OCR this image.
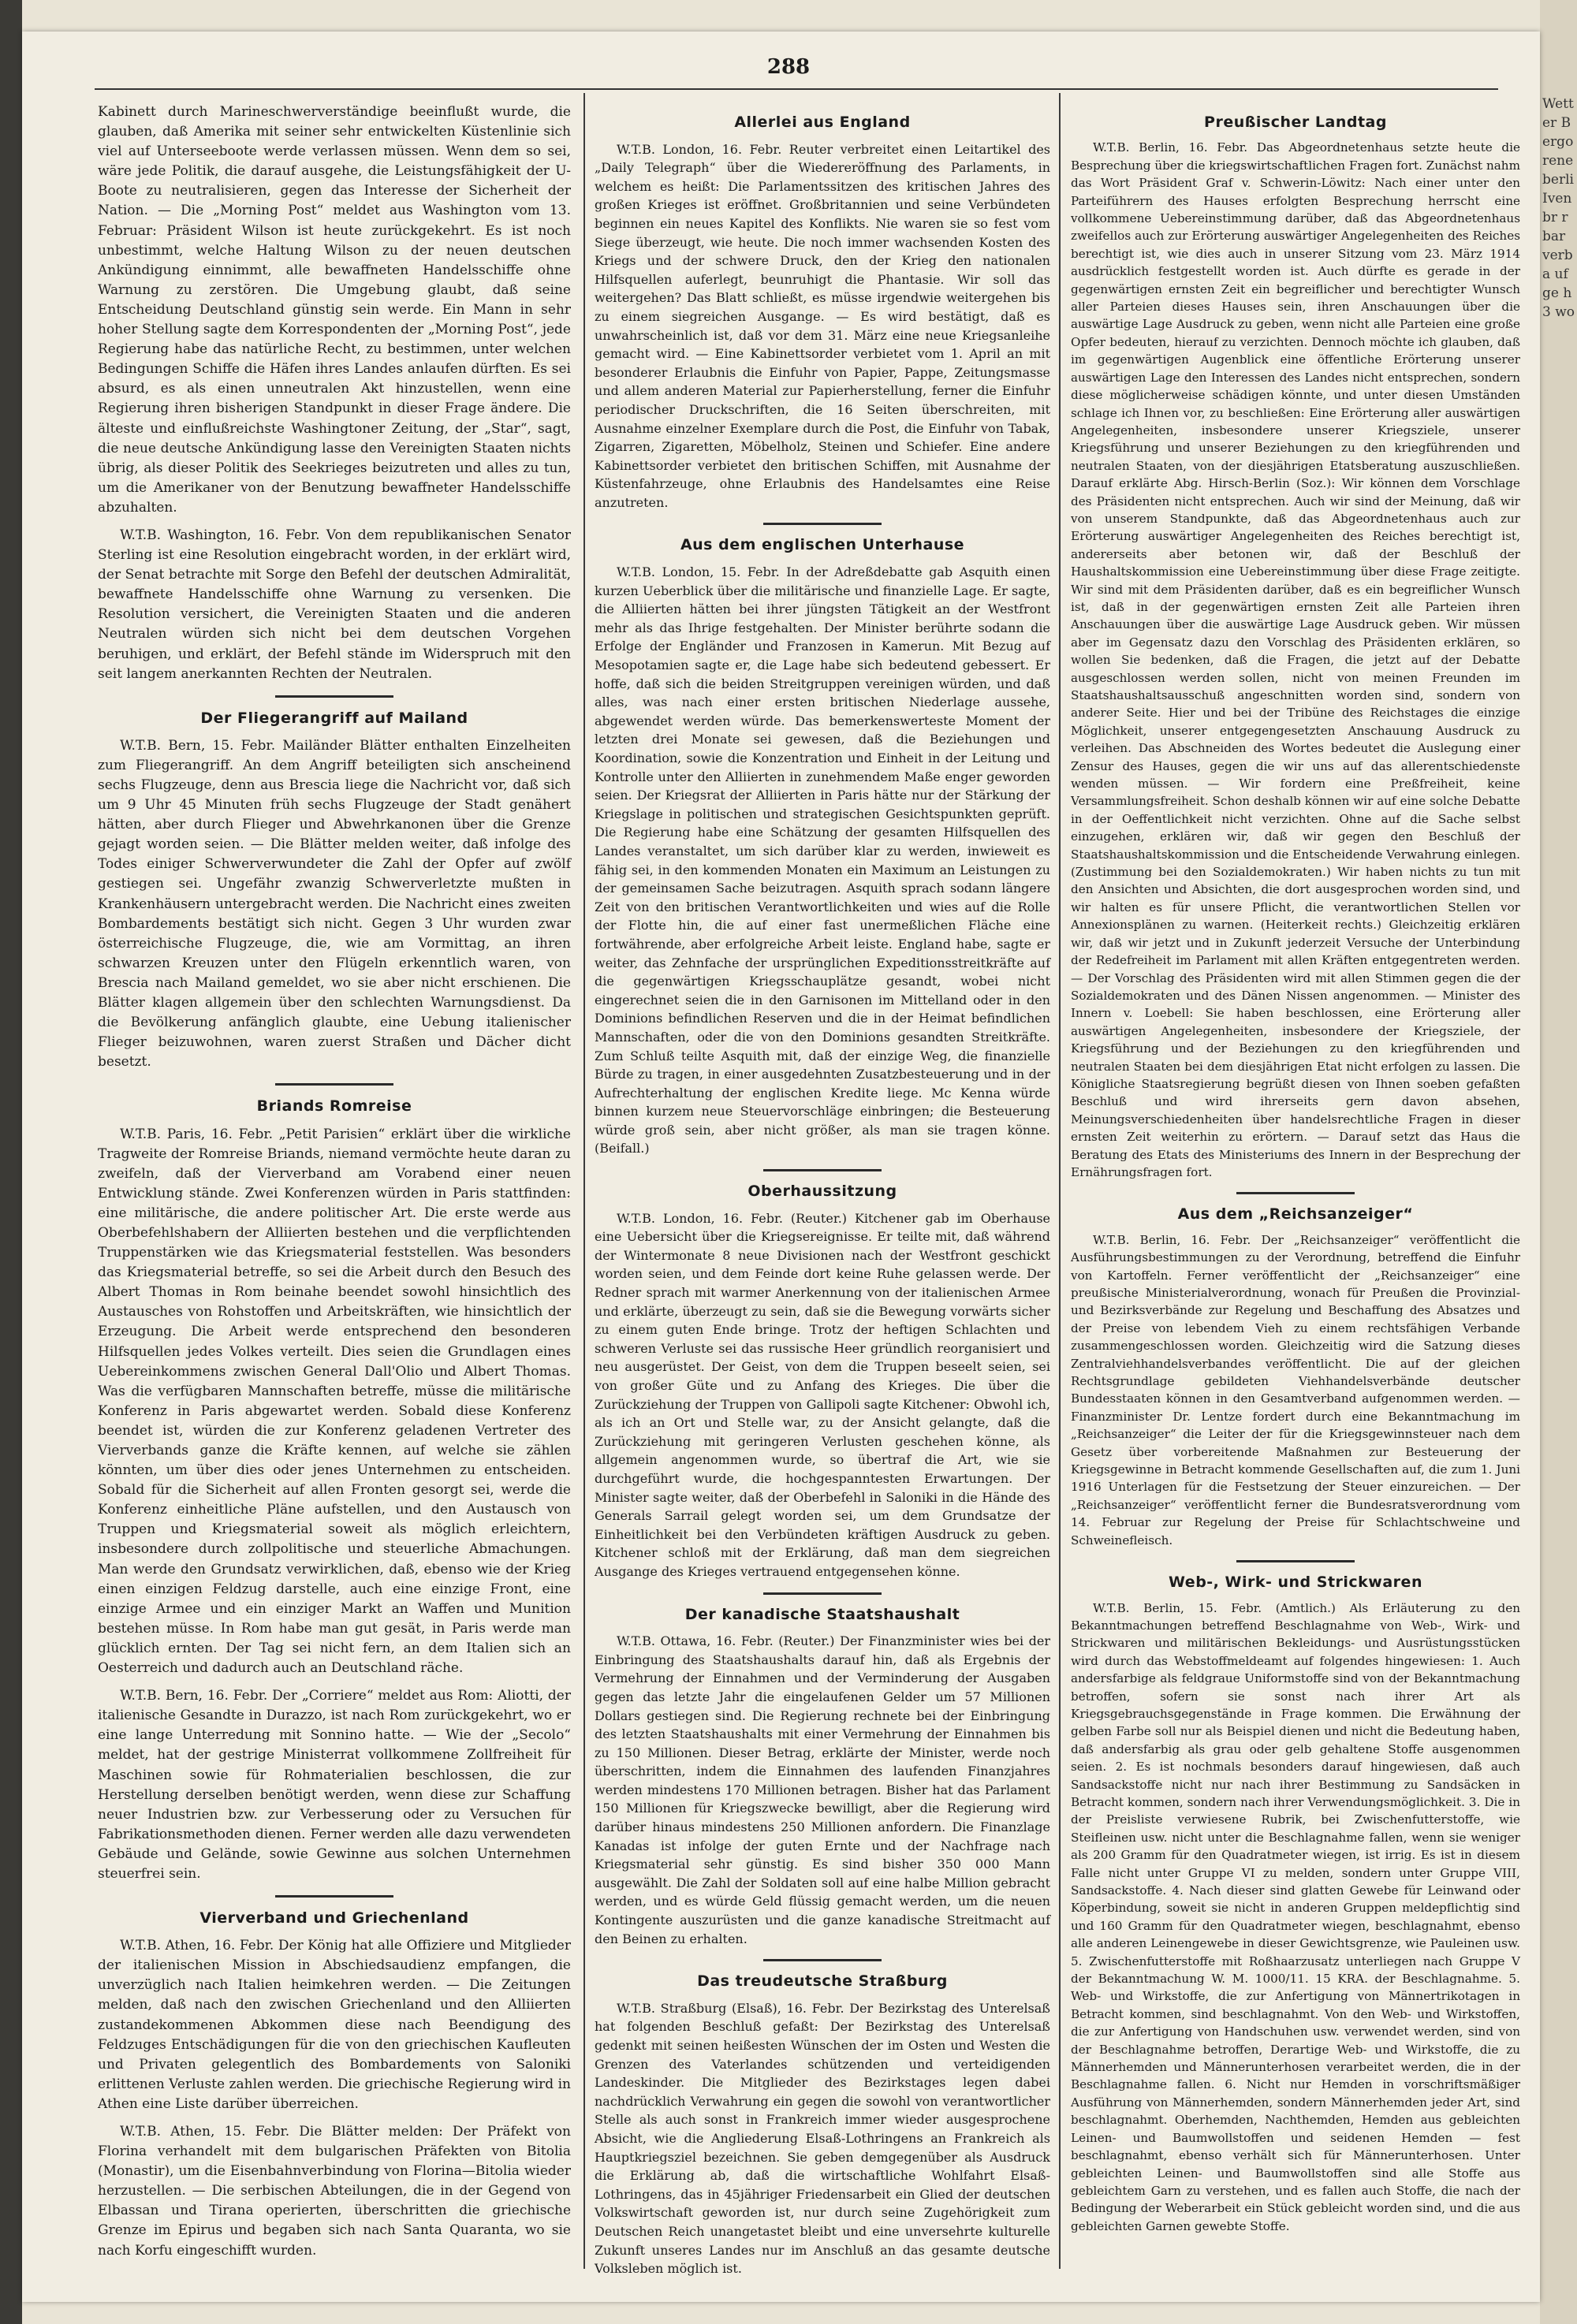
Wetter Bergo rene berli Ivenbr rbar verba ufge h 3 wo
288

Kabinett durch Marineschwerverständige beeinflußt wurde, die glauben, daß Amerika mit seiner sehr entwickelten Küstenlinie sich viel auf Unterseeboote werde verlassen müssen. Wenn dem so sei, wäre jede Politik, die darauf ausgehe, die Leistungsfähigkeit der U-Boote zu neutralisieren, gegen das Interesse der Sicherheit der Nation. — Die „Morning Post“ meldet aus Washington vom 13. Februar: Präsident Wilson ist heute zurückgekehrt. Es ist noch unbestimmt, welche Haltung Wilson zu der neuen deutschen Ankündigung einnimmt, alle bewaffneten Handelsschiffe ohne Warnung zu zerstören. Die Umgebung glaubt, daß seine Entscheidung Deutschland günstig sein werde. Ein Mann in sehr hoher Stellung sagte dem Korrespondenten der „Morning Post“, jede Regierung habe das natürliche Recht, zu bestimmen, unter welchen Bedingungen Schiffe die Häfen ihres Landes anlaufen dürften. Es sei absurd, es als einen unneutralen Akt hinzustellen, wenn eine Regierung ihren bisherigen Standpunkt in dieser Frage ändere. Die älteste und einflußreichste Washingtoner Zeitung, der „Star“, sagt, die neue deutsche Ankündigung lasse den Vereinigten Staaten nichts übrig, als dieser Politik des Seekrieges beizutreten und alles zu tun, um die Amerikaner von der Benutzung bewaffneter Handelsschiffe abzuhalten.

W.T.B. Washington, 16. Febr. Von dem republikanischen Senator Sterling ist eine Resolution eingebracht worden, in der erklärt wird, der Senat betrachte mit Sorge den Befehl der deutschen Admiralität, bewaffnete Handelsschiffe ohne Warnung zu versenken. Die Resolution versichert, die Vereinigten Staaten und die anderen Neutralen würden sich nicht bei dem deutschen Vorgehen beruhigen, und erklärt, der Befehl stände im Widerspruch mit den seit langem anerkannten Rechten der Neutralen.

Der Fliegerangriff auf Mailand

W.T.B. Bern, 15. Febr. Mailänder Blätter enthalten Einzelheiten zum Fliegerangriff. An dem Angriff beteiligten sich anscheinend sechs Flugzeuge, denn aus Brescia liege die Nachricht vor, daß sich um 9 Uhr 45 Minuten früh sechs Flugzeuge der Stadt genähert hätten, aber durch Flieger und Abwehrkanonen über die Grenze gejagt worden seien. — Die Blätter melden weiter, daß infolge des Todes einiger Schwerverwundeter die Zahl der Opfer auf zwölf gestiegen sei. Ungefähr zwanzig Schwerverletzte mußten in Krankenhäusern untergebracht werden. Die Nachricht eines zweiten Bombardements bestätigt sich nicht. Gegen 3 Uhr wurden zwar österreichische Flugzeuge, die, wie am Vormittag, an ihren schwarzen Kreuzen unter den Flügeln erkenntlich waren, von Brescia nach Mailand gemeldet, wo sie aber nicht erschienen. Die Blätter klagen allgemein über den schlechten Warnungsdienst. Da die Bevölkerung anfänglich glaubte, eine Uebung italienischer Flieger beizuwohnen, waren zuerst Straßen und Dächer dicht besetzt.

Briands Romreise

W.T.B. Paris, 16. Febr. „Petit Parisien“ erklärt über die wirkliche Tragweite der Romreise Briands, niemand vermöchte heute daran zu zweifeln, daß der Vierverband am Vorabend einer neuen Entwicklung stände. Zwei Konferenzen würden in Paris stattfinden: eine militärische, die andere politischer Art. Die erste werde aus Oberbefehlshabern der Alliierten bestehen und die verpflichtenden Truppenstärken wie das Kriegsmaterial feststellen. Was besonders das Kriegsmaterial betreffe, so sei die Arbeit durch den Besuch des Albert Thomas in Rom beinahe beendet sowohl hinsichtlich des Austausches von Rohstoffen und Arbeitskräften, wie hinsichtlich der Erzeugung. Die Arbeit werde entsprechend den besonderen Hilfsquellen jedes Volkes verteilt. Dies seien die Grundlagen eines Uebereinkommens zwischen General Dall'Olio und Albert Thomas. Was die verfügbaren Mannschaften betreffe, müsse die militärische Konferenz in Paris abgewartet werden. Sobald diese Konferenz beendet ist, würden die zur Konferenz geladenen Vertreter des Vierverbands ganze die Kräfte kennen, auf welche sie zählen könnten, um über dies oder jenes Unternehmen zu entscheiden. Sobald für die Sicherheit auf allen Fronten gesorgt sei, werde die Konferenz einheitliche Pläne aufstellen, und den Austausch von Truppen und Kriegsmaterial soweit als möglich erleichtern, insbesondere durch zollpolitische und steuerliche Abmachungen. Man werde den Grundsatz verwirklichen, daß, ebenso wie der Krieg einen einzigen Feldzug darstelle, auch eine einzige Front, eine einzige Armee und ein einziger Markt an Waffen und Munition bestehen müsse. In Rom habe man gut gesät, in Paris werde man glücklich ernten. Der Tag sei nicht fern, an dem Italien sich an Oesterreich und dadurch auch an Deutschland räche.

W.T.B. Bern, 16. Febr. Der „Corriere“ meldet aus Rom: Aliotti, der italienische Gesandte in Durazzo, ist nach Rom zurückgekehrt, wo er eine lange Unterredung mit Sonnino hatte. — Wie der „Secolo“ meldet, hat der gestrige Ministerrat vollkommene Zollfreiheit für Maschinen sowie für Rohmaterialien beschlossen, die zur Herstellung derselben benötigt werden, wenn diese zur Schaffung neuer Industrien bzw. zur Verbesserung oder zu Versuchen für Fabrikationsmethoden dienen. Ferner werden alle dazu verwendeten Gebäude und Gelände, sowie Gewinne aus solchen Unternehmen steuerfrei sein.

Vierverband und Griechenland

W.T.B. Athen, 16. Febr. Der König hat alle Offiziere und Mitglieder der italienischen Mission in Abschiedsaudienz empfangen, die unverzüglich nach Italien heimkehren werden. — Die Zeitungen melden, daß nach den zwischen Griechenland und den Alliierten zustandekommenen Abkommen diese nach Beendigung des Feldzuges Entschädigungen für die von den griechischen Kaufleuten und Privaten gelegentlich des Bombardements von Saloniki erlittenen Verluste zahlen werden. Die griechische Regierung wird in Athen eine Liste darüber überreichen.

W.T.B. Athen, 15. Febr. Die Blätter melden: Der Präfekt von Florina verhandelt mit dem bulgarischen Präfekten von Bitolia (Monastir), um die Eisenbahnverbindung von Florina—Bitolia wieder herzustellen. — Die serbischen Abteilungen, die in der Gegend von Elbassan und Tirana operierten, überschritten die griechische Grenze im Epirus und begaben sich nach Santa Quaranta, wo sie nach Korfu eingeschifft wurden.

Allerlei aus England

W.T.B. London, 16. Febr. Reuter verbreitet einen Leitartikel des „Daily Telegraph“ über die Wiedereröffnung des Parlaments, in welchem es heißt: Die Parlamentssitzen des kritischen Jahres des großen Krieges ist eröffnet. Großbritannien und seine Verbündeten beginnen ein neues Kapitel des Konflikts. Nie waren sie so fest vom Siege überzeugt, wie heute. Die noch immer wachsenden Kosten des Kriegs und der schwere Druck, den der Krieg den nationalen Hilfsquellen auferlegt, beunruhigt die Phantasie. Wir soll das weitergehen? Das Blatt schließt, es müsse irgendwie weitergehen bis zu einem siegreichen Ausgange. — Es wird bestätigt, daß es unwahrscheinlich ist, daß vor dem 31. März eine neue Kriegsanleihe gemacht wird. — Eine Kabinettsorder verbietet vom 1. April an mit besonderer Erlaubnis die Einfuhr von Papier, Pappe, Zeitungsmasse und allem anderen Material zur Papierherstellung, ferner die Einfuhr periodischer Druckschriften, die 16 Seiten überschreiten, mit Ausnahme einzelner Exemplare durch die Post, die Einfuhr von Tabak, Zigarren, Zigaretten, Möbelholz, Steinen und Schiefer. Eine andere Kabinettsorder verbietet den britischen Schiffen, mit Ausnahme der Küstenfahrzeuge, ohne Erlaubnis des Handelsamtes eine Reise anzutreten.

Aus dem englischen Unterhause

W.T.B. London, 15. Febr. In der Adreßdebatte gab Asquith einen kurzen Ueberblick über die militärische und finanzielle Lage. Er sagte, die Alliierten hätten bei ihrer jüngsten Tätigkeit an der Westfront mehr als das Ihrige festgehalten. Der Minister berührte sodann die Erfolge der Engländer und Franzosen in Kamerun. Mit Bezug auf Mesopotamien sagte er, die Lage habe sich bedeutend gebessert. Er hoffe, daß sich die beiden Streitgruppen vereinigen würden, und daß alles, was nach einer ersten britischen Niederlage aussehe, abgewendet werden würde. Das bemerkenswerteste Moment der letzten drei Monate sei gewesen, daß die Beziehungen und Koordination, sowie die Konzentration und Einheit in der Leitung und Kontrolle unter den Alliierten in zunehmendem Maße enger geworden seien. Der Kriegsrat der Alliierten in Paris hätte nur der Stärkung der Kriegslage in politischen und strategischen Gesichtspunkten geprüft. Die Regierung habe eine Schätzung der gesamten Hilfsquellen des Landes veranstaltet, um sich darüber klar zu werden, inwieweit es fähig sei, in den kommenden Monaten ein Maximum an Leistungen zu der gemeinsamen Sache beizutragen. Asquith sprach sodann längere Zeit von den britischen Verantwortlichkeiten und wies auf die Rolle der Flotte hin, die auf einer fast unermeßlichen Fläche eine fortwährende, aber erfolgreiche Arbeit leiste. England habe, sagte er weiter, das Zehnfache der ursprünglichen Expeditionsstreitkräfte auf die gegenwärtigen Kriegsschauplätze gesandt, wobei nicht eingerechnet seien die in den Garnisonen im Mittelland oder in den Dominions befindlichen Reserven und die in der Heimat befindlichen Mannschaften, oder die von den Dominions gesandten Streitkräfte. Zum Schluß teilte Asquith mit, daß der einzige Weg, die finanzielle Bürde zu tragen, in einer ausgedehnten Zusatzbesteuerung und in der Aufrechterhaltung der englischen Kredite liege. Mc Kenna würde binnen kurzem neue Steuervorschläge einbringen; die Besteuerung würde groß sein, aber nicht größer, als man sie tragen könne. (Beifall.)

Oberhaussitzung

W.T.B. London, 16. Febr. (Reuter.) Kitchener gab im Oberhause eine Uebersicht über die Kriegsereignisse. Er teilte mit, daß während der Wintermonate 8 neue Divisionen nach der Westfront geschickt worden seien, und dem Feinde dort keine Ruhe gelassen werde. Der Redner sprach mit warmer Anerkennung von der italienischen Armee und erklärte, überzeugt zu sein, daß sie die Bewegung vorwärts sicher zu einem guten Ende bringe. Trotz der heftigen Schlachten und schweren Verluste sei das russische Heer gründlich reorganisiert und neu ausgerüstet. Der Geist, von dem die Truppen beseelt seien, sei von großer Güte und zu Anfang des Krieges. Die über die Zurückziehung der Truppen von Gallipoli sagte Kitchener: Obwohl ich, als ich an Ort und Stelle war, zu der Ansicht gelangte, daß die Zurückziehung mit geringeren Verlusten geschehen könne, als allgemein angenommen wurde, so übertraf die Art, wie sie durchgeführt wurde, die hochgespanntesten Erwartungen. Der Minister sagte weiter, daß der Oberbefehl in Saloniki in die Hände des Generals Sarrail gelegt worden sei, um dem Grundsatze der Einheitlichkeit bei den Verbündeten kräftigen Ausdruck zu geben. Kitchener schloß mit der Erklärung, daß man dem siegreichen Ausgange des Krieges vertrauend entgegensehen könne.

Der kanadische Staatshaushalt

W.T.B. Ottawa, 16. Febr. (Reuter.) Der Finanzminister wies bei der Einbringung des Staatshaushalts darauf hin, daß als Ergebnis der Vermehrung der Einnahmen und der Verminderung der Ausgaben gegen das letzte Jahr die eingelaufenen Gelder um 57 Millionen Dollars gestiegen sind. Die Regierung rechnete bei der Einbringung des letzten Staatshaushalts mit einer Vermehrung der Einnahmen bis zu 150 Millionen. Dieser Betrag, erklärte der Minister, werde noch überschritten, indem die Einnahmen des laufenden Finanzjahres werden mindestens 170 Millionen betragen. Bisher hat das Parlament 150 Millionen für Kriegszwecke bewilligt, aber die Regierung wird darüber hinaus mindestens 250 Millionen anfordern. Die Finanzlage Kanadas ist infolge der guten Ernte und der Nachfrage nach Kriegsmaterial sehr günstig. Es sind bisher 350 000 Mann ausgewählt. Die Zahl der Soldaten soll auf eine halbe Million gebracht werden, und es würde Geld flüssig gemacht werden, um die neuen Kontingente auszurüsten und die ganze kanadische Streitmacht auf den Beinen zu erhalten.

Das treudeutsche Straßburg

W.T.B. Straßburg (Elsaß), 16. Febr. Der Bezirkstag des Unterelsaß hat folgenden Beschluß gefaßt: Der Bezirkstag des Unterelsaß gedenkt mit seinen heißesten Wünschen der im Osten und Westen die Grenzen des Vaterlandes schützenden und verteidigenden Landeskinder. Die Mitglieder des Bezirkstages legen dabei nachdrücklich Verwahrung ein gegen die sowohl von verantwortlicher Stelle als auch sonst in Frankreich immer wieder ausgesprochene Absicht, wie die Angliederung Elsaß-Lothringens an Frankreich als Hauptkriegsziel bezeichnen. Sie geben demgegenüber als Ausdruck die Erklärung ab, daß die wirtschaftliche Wohlfahrt Elsaß-Lothringens, das in 45jähriger Friedensarbeit ein Glied der deutschen Volkswirtschaft geworden ist, nur durch seine Zugehörigkeit zum Deutschen Reich unangetastet bleibt und eine unversehrte kulturelle Zukunft unseres Landes nur im Anschluß an das gesamte deutsche Volksleben möglich ist.

Preußischer Landtag

W.T.B. Berlin, 16. Febr. Das Abgeordnetenhaus setzte heute die Besprechung über die kriegswirtschaftlichen Fragen fort. Zunächst nahm das Wort Präsident Graf v. Schwerin-Löwitz: Nach einer unter den Parteiführern des Hauses erfolgten Besprechung herrscht eine vollkommene Uebereinstimmung darüber, daß das Abgeordnetenhaus zweifellos auch zur Erörterung auswärtiger Angelegenheiten des Reiches berechtigt ist, wie dies auch in unserer Sitzung vom 23. März 1914 ausdrücklich festgestellt worden ist. Auch dürfte es gerade in der gegenwärtigen ernsten Zeit ein begreiflicher und berechtigter Wunsch aller Parteien dieses Hauses sein, ihren Anschauungen über die auswärtige Lage Ausdruck zu geben, wenn nicht alle Parteien eine große Opfer bedeuten, hierauf zu verzichten. Dennoch möchte ich glauben, daß im gegenwärtigen Augenblick eine öffentliche Erörterung unserer auswärtigen Lage den Interessen des Landes nicht entsprechen, sondern diese möglicherweise schädigen könnte, und unter diesen Umständen schlage ich Ihnen vor, zu beschließen: Eine Erörterung aller auswärtigen Angelegenheiten, insbesondere unserer Kriegsziele, unserer Kriegsführung und unserer Beziehungen zu den kriegführenden und neutralen Staaten, von der diesjährigen Etatsberatung auszuschließen. Darauf erklärte Abg. Hirsch-Berlin (Soz.): Wir können dem Vorschlage des Präsidenten nicht entsprechen. Auch wir sind der Meinung, daß wir von unserem Standpunkte, daß das Abgeordnetenhaus auch zur Erörterung auswärtiger Angelegenheiten des Reiches berechtigt ist, andererseits aber betonen wir, daß der Beschluß der Haushaltskommission eine Uebereinstimmung über diese Frage zeitigte. Wir sind mit dem Präsidenten darüber, daß es ein begreiflicher Wunsch ist, daß in der gegenwärtigen ernsten Zeit alle Parteien ihren Anschauungen über die auswärtige Lage Ausdruck geben. Wir müssen aber im Gegensatz dazu den Vorschlag des Präsidenten erklären, so wollen Sie bedenken, daß die Fragen, die jetzt auf der Debatte ausgeschlossen werden sollen, nicht von meinen Freunden im Staatshaushaltsausschuß angeschnitten worden sind, sondern von anderer Seite. Hier und bei der Tribüne des Reichstages die einzige Möglichkeit, unserer entgegengesetzten Anschauung Ausdruck zu verleihen. Das Abschneiden des Wortes bedeutet die Auslegung einer Zensur des Hauses, gegen die wir uns auf das allerentschiedenste wenden müssen. — Wir fordern eine Preßfreiheit, keine Versammlungsfreiheit. Schon deshalb können wir auf eine solche Debatte in der Oeffentlichkeit nicht verzichten. Ohne auf die Sache selbst einzugehen, erklären wir, daß wir gegen den Beschluß der Staatshaushaltskommission und die Entscheidende Verwahrung einlegen. (Zustimmung bei den Sozialdemokraten.) Wir haben nichts zu tun mit den Ansichten und Absichten, die dort ausgesprochen worden sind, und wir halten es für unsere Pflicht, die verantwortlichen Stellen vor Annexionsplänen zu warnen. (Heiterkeit rechts.) Gleichzeitig erklären wir, daß wir jetzt und in Zukunft jederzeit Versuche der Unterbindung der Redefreiheit im Parlament mit allen Kräften entgegentreten werden. — Der Vorschlag des Präsidenten wird mit allen Stimmen gegen die der Sozialdemokraten und des Dänen Nissen angenommen. — Minister des Innern v. Loebell: Sie haben beschlossen, eine Erörterung aller auswärtigen Angelegenheiten, insbesondere der Kriegsziele, der Kriegsführung und der Beziehungen zu den kriegführenden und neutralen Staaten bei dem diesjährigen Etat nicht erfolgen zu lassen. Die Königliche Staatsregierung begrüßt diesen von Ihnen soeben gefaßten Beschluß und wird ihrerseits gern davon absehen, Meinungsverschiedenheiten über handelsrechtliche Fragen in dieser ernsten Zeit weiterhin zu erörtern. — Darauf setzt das Haus die Beratung des Etats des Ministeriums des Innern in der Besprechung der Ernährungsfragen fort.

Aus dem „Reichsanzeiger“

W.T.B. Berlin, 16. Febr. Der „Reichsanzeiger“ veröffentlicht die Ausführungsbestimmungen zu der Verordnung, betreffend die Einfuhr von Kartoffeln. Ferner veröffentlicht der „Reichsanzeiger“ eine preußische Ministerialverordnung, wonach für Preußen die Provinzial- und Bezirksverbände zur Regelung und Beschaffung des Absatzes und der Preise von lebendem Vieh zu einem rechtsfähigen Verbande zusammengeschlossen worden. Gleichzeitig wird die Satzung dieses Zentralviehhandelsverbandes veröffentlicht. Die auf der gleichen Rechtsgrundlage gebildeten Viehhandelsverbände deutscher Bundesstaaten können in den Gesamtverband aufgenommen werden. — Finanzminister Dr. Lentze fordert durch eine Bekanntmachung im „Reichsanzeiger“ die Leiter der für die Kriegsgewinnsteuer nach dem Gesetz über vorbereitende Maßnahmen zur Besteuerung der Kriegsgewinne in Betracht kommende Gesellschaften auf, die zum 1. Juni 1916 Unterlagen für die Festsetzung der Steuer einzureichen. — Der „Reichsanzeiger“ veröffentlicht ferner die Bundesratsverordnung vom 14. Februar zur Regelung der Preise für Schlachtschweine und Schweinefleisch.

Web-, Wirk- und Strickwaren

W.T.B. Berlin, 15. Febr. (Amtlich.) Als Erläuterung zu den Bekanntmachungen betreffend Beschlagnahme von Web-, Wirk- und Strickwaren und militärischen Bekleidungs- und Ausrüstungsstücken wird durch das Webstoffmeldeamt auf folgendes hingewiesen: 1. Auch andersfarbige als feldgraue Uniformstoffe sind von der Bekanntmachung betroffen, sofern sie sonst nach ihrer Art als Kriegsgebrauchsgegenstände in Frage kommen. Die Erwähnung der gelben Farbe soll nur als Beispiel dienen und nicht die Bedeutung haben, daß andersfarbig als grau oder gelb gehaltene Stoffe ausgenommen seien. 2. Es ist nochmals besonders darauf hingewiesen, daß auch Sandsackstoffe nicht nur nach ihrer Bestimmung zu Sandsäcken in Betracht kommen, sondern nach ihrer Verwendungsmöglichkeit. 3. Die in der Preisliste verwiesene Rubrik, bei Zwischenfutterstoffe, wie Steifleinen usw. nicht unter die Beschlagnahme fallen, wenn sie weniger als 200 Gramm für den Quadratmeter wiegen, ist irrig. Es ist in diesem Falle nicht unter Gruppe VI zu melden, sondern unter Gruppe VIII, Sandsackstoffe. 4. Nach dieser sind glatten Gewebe für Leinwand oder Köperbindung, soweit sie nicht in anderen Gruppen meldepflichtig sind und 160 Gramm für den Quadratmeter wiegen, beschlagnahmt, ebenso alle anderen Leinengewebe in dieser Gewichtsgrenze, wie Pauleinen usw. 5. Zwischenfutterstoffe mit Roßhaarzusatz unterliegen nach Gruppe V der Bekanntmachung W. M. 1000/11. 15 KRA. der Beschlagnahme. 5. Web- und Wirkstoffe, die zur Anfertigung von Männertrikotagen in Betracht kommen, sind beschlagnahmt. Von den Web- und Wirkstoffen, die zur Anfertigung von Handschuhen usw. verwendet werden, sind von der Beschlagnahme betroffen, Derartige Web- und Wirkstoffe, die zu Männerhemden und Männerunterhosen verarbeitet werden, die in der Beschlagnahme fallen. 6. Nicht nur Hemden in vorschriftsmäßiger Ausführung von Männerhemden, sondern Männerhemden jeder Art, sind beschlagnahmt. Oberhemden, Nachthemden, Hemden aus gebleichten Leinen- und Baumwollstoffen und seidenen Hemden — fest beschlagnahmt, ebenso verhält sich für Männerunterhosen. Unter gebleichten Leinen- und Baumwollstoffen sind alle Stoffe aus gebleichtem Garn zu verstehen, und es fallen auch Stoffe, die nach der Bedingung der Weberarbeit ein Stück gebleicht worden sind, und die aus gebleichten Garnen gewebte Stoffe.
